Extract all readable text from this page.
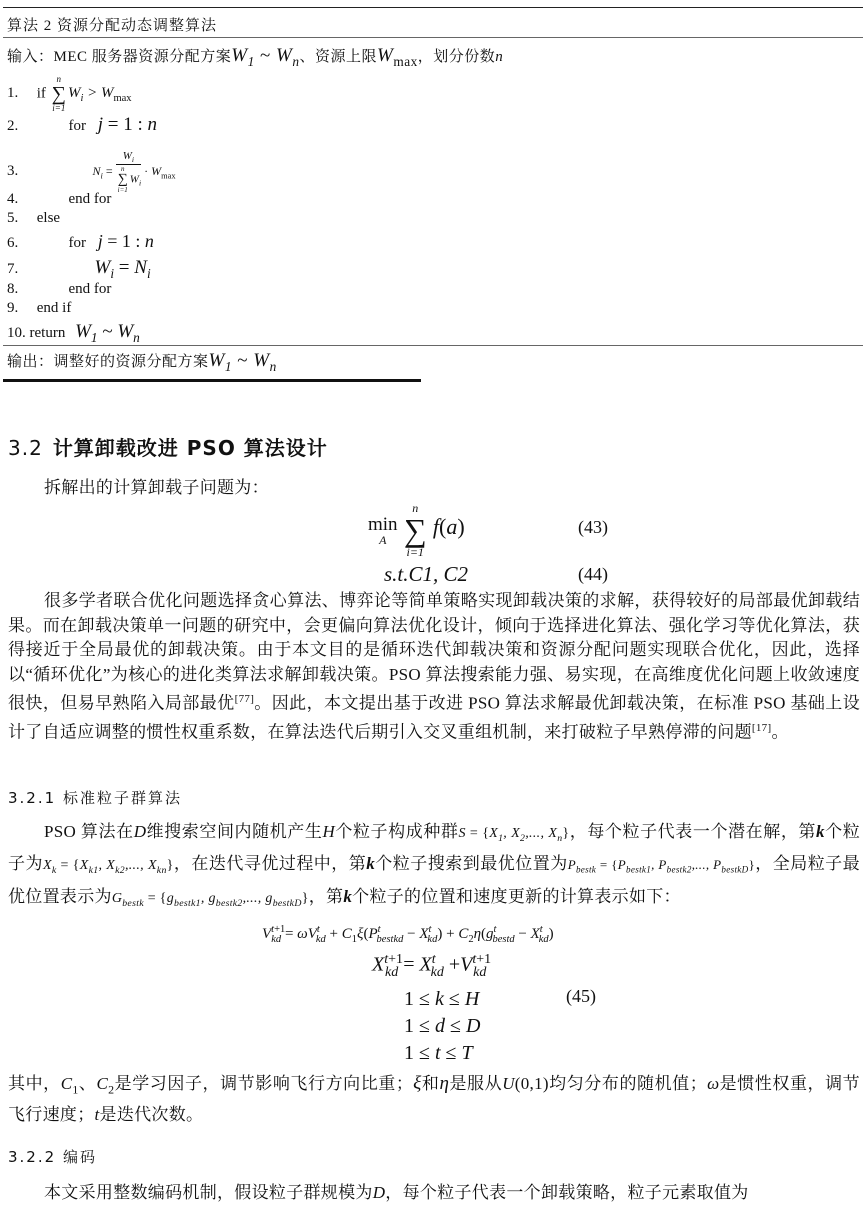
算法 2 资源分配动态调整算法
输入：MEC 服务器资源分配方案$W_1$ ~ $W_n$、资源上限$W_{max}$，划分份数n
1. if
n
∑
i=1
$W_i > W_{max}$
2.	for j = 1 : n
3.	$N_i = W_i$
n
∑
i=1
$W_i \cdot W_{max}$
4.	end for
5. else
6.	for j = 1 : n
7.	$W_i = N_i$
8.	end for
9. end if
10. return $W_1$ ~ $W_n$
输出：调整好的资源分配方案$W_1$ ~ $W_n$
3.2 计算卸载改进 PSO 算法设计
拆解出的计算卸载子问题为：
min
A

n
∑
i=1
f(a)	(43)
s.t.C1, C2	(44)
很多学者联合优化问题选择贪心算法、博弈论等简单策略实现卸载决策的求解，获得较好的局部最优卸载结果。而在卸载决策单一问题的研究中，会更偏向算法优化设计，倾向于选择进化算法、强化学习等优化算法，获得接近于全局最优的卸载决策。由于本文目的是循环迭代卸载决策和资源分配问题实现联合优化，因此，选择以“循环优化”为核心的进化类算法求解卸载决策。PSO 算法搜索能力强、易实现，在高维度优化问题上收敛速度很快，但易早熟陷入局部最优[77]。因此，本文提出基于改进 PSO 算法求解最优卸载决策，在标准 PSO 基础上设计了自适应调整的惯性权重系数，在算法迭代后期引入交叉重组机制，来打破粒子早熟停滞的问题[17]。
3.2.1 标准粒子群算法
PSO 算法在D维搜索空间内随机产生H个粒子构成种群$S = \{X_1$, $X_2$,..., $X_n$}，每个粒子代表一个潜在解，第k个粒子为$X_k = \{X_{k1}$, $X_{k2}$,..., $X_{kn}$}，在迭代寻优过程中，第k个粒子搜索到最优位置为$P_{bestk} = \{P_{bestk1}$, $P_{bestk2}$,..., $P_{bestkD}$}，全局粒子最优位置表示为$G_{bestk} = \{g_{bestk1}$, $g_{bestk2}$,..., $g_{bestkD}$}，第k个粒子的位置和速度更新的计算表示如下：
$V^{t+1}_{kd} = \omega V^t_{kd} + C_1\xi(P^t_{bestkd} - X^t_{kd}) + C_2\eta(g^t_{bestd} - X^t_{kd})$
$X^{t+1}_{kd} = X^t_{kd} +V^{t+1}_{kd}$
1 ≤ k ≤ H	(45)
1 ≤ d ≤ D
1 ≤ t ≤ T
其中，$C_1$、$C_2$是学习因子，调节影响飞行方向比重；ξ和η是服从U(0,1)均匀分布的随机值；ω是惯性权重，调节飞行速度；t是迭代次数。
3.2.2 编码
本文采用整数编码机制，假设粒子群规模为D，每个粒子代表一个卸载策略，粒子元素取值为
